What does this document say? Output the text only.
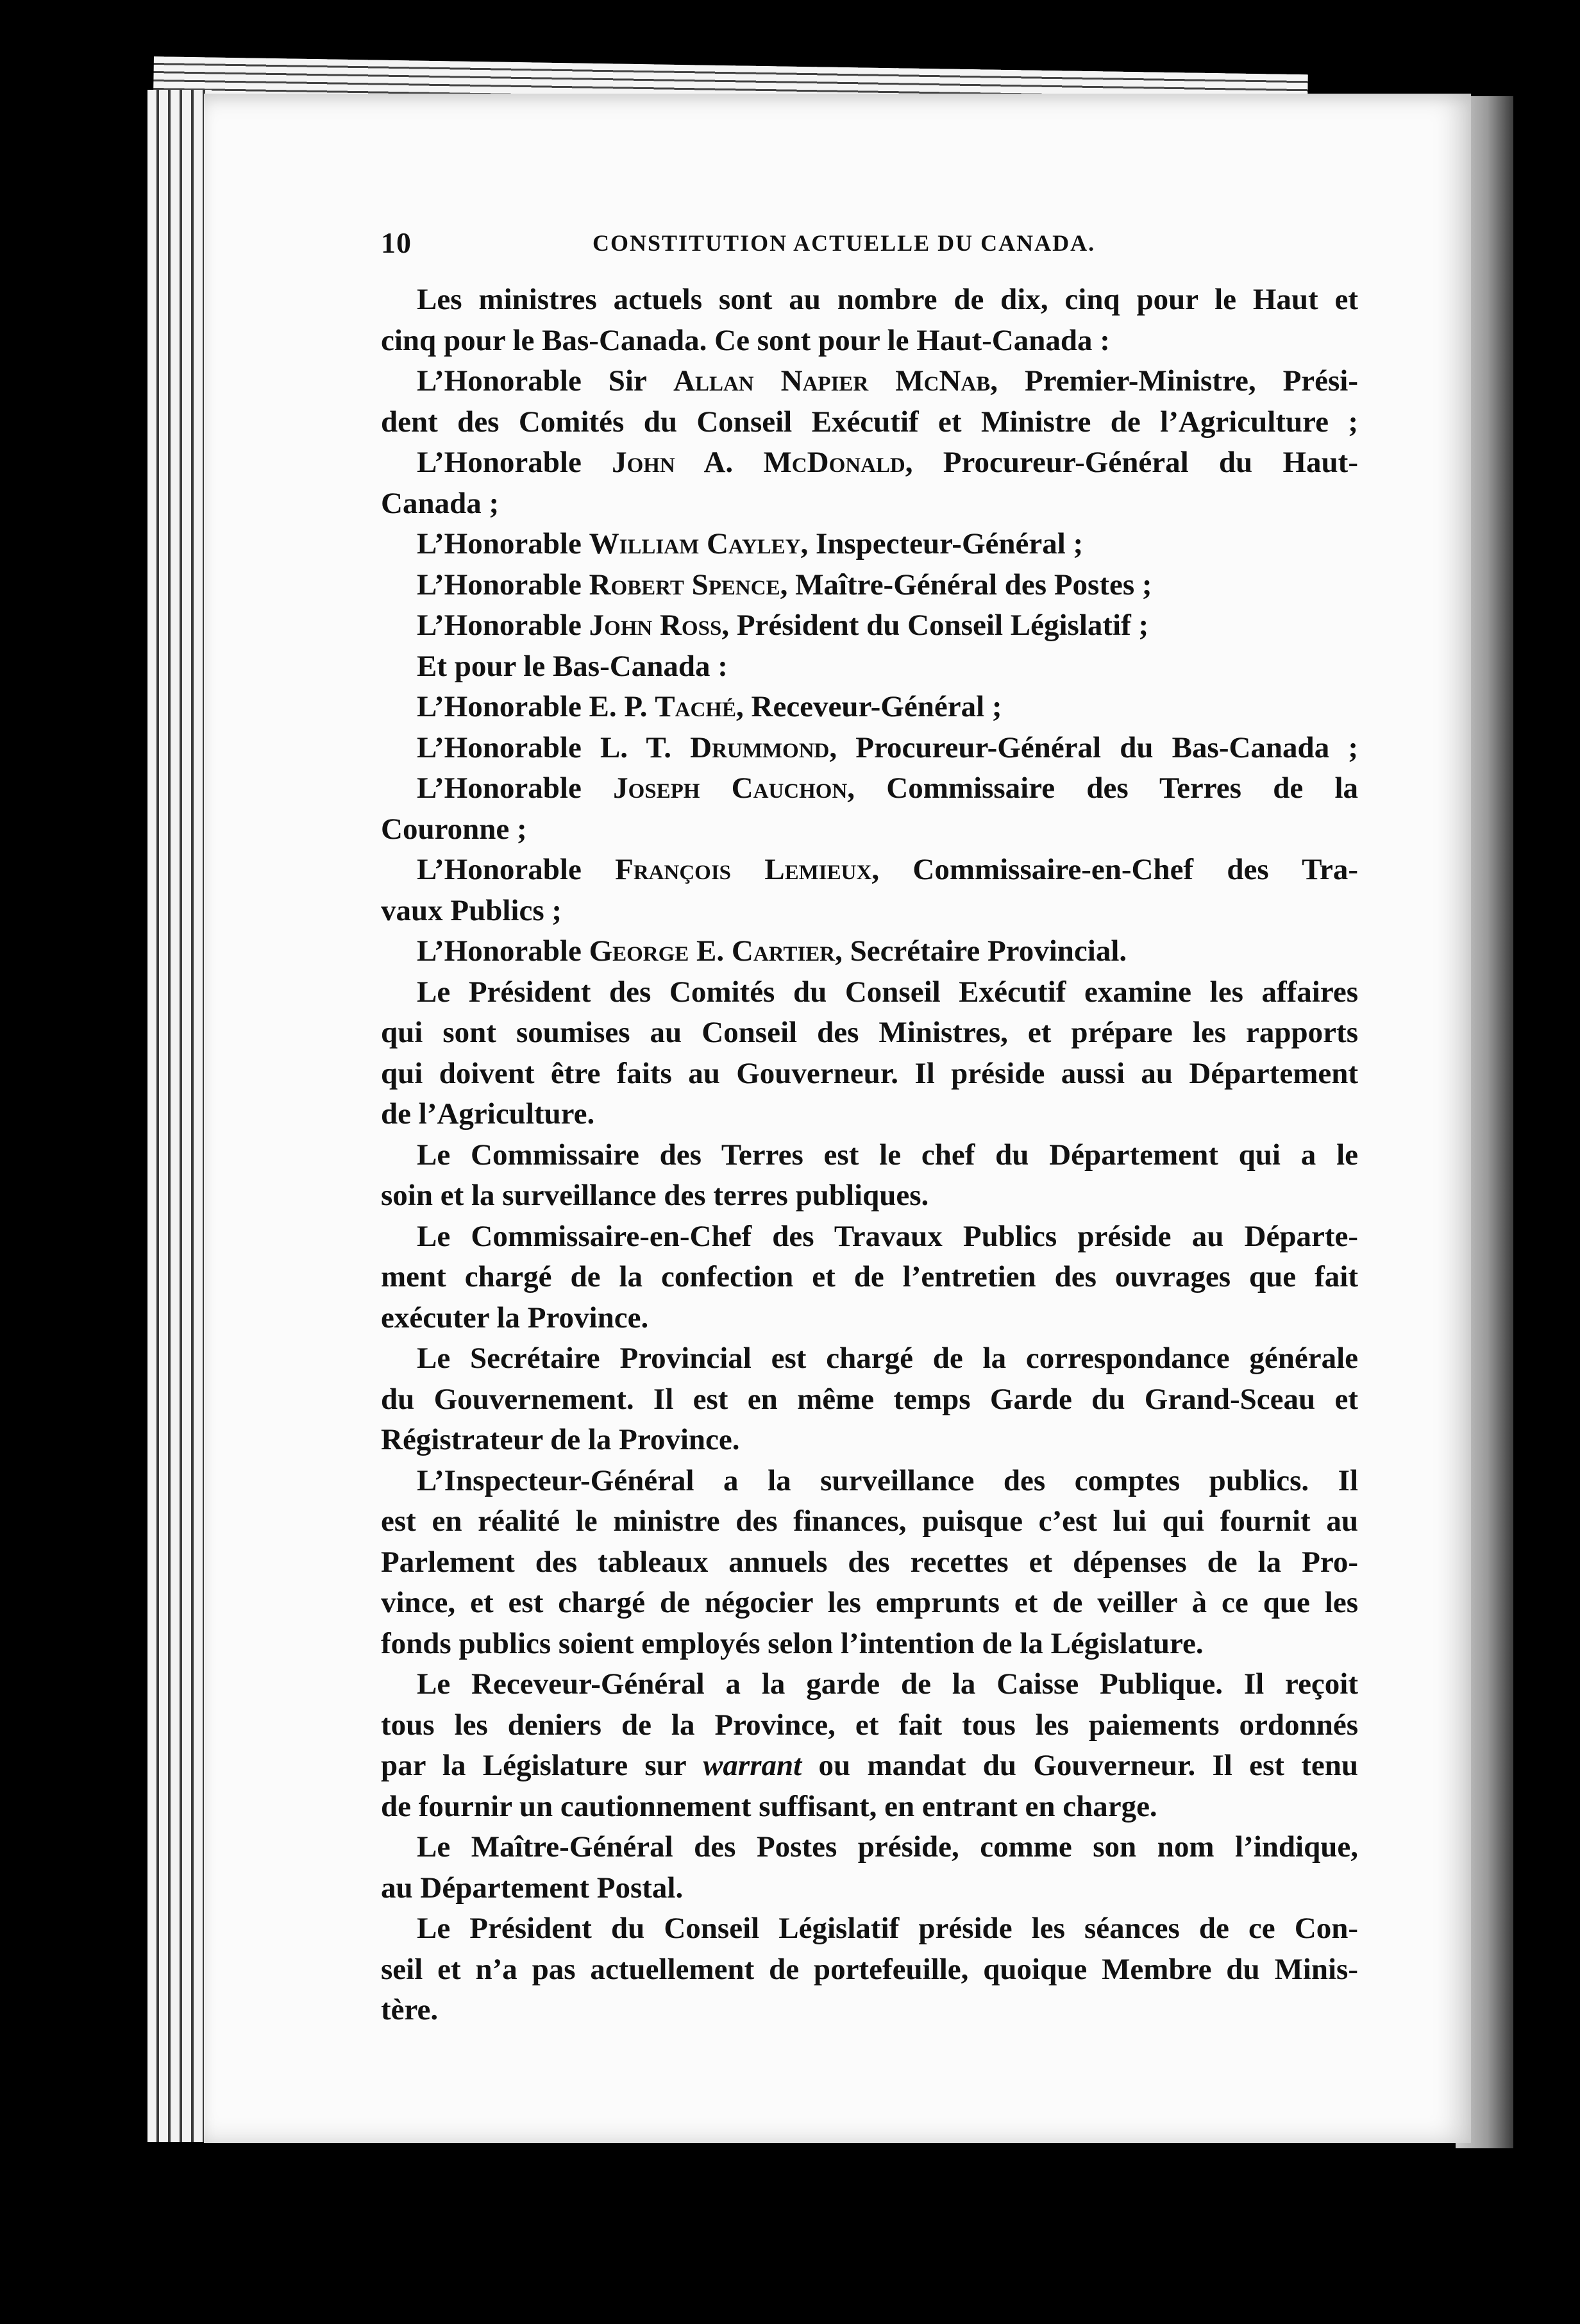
10	CONSTITUTION ACTUELLE DU CANADA.
Les ministres actuels sont au nombre de dix, cinq pour le Haut et
cinq pour le Bas-Canada. Ce sont pour le Haut-Canada :
L’Honorable Sir Allan Napier McNab, Premier-Ministre, Prési-
dent des Comités du Conseil Exécutif et Ministre de l’Agriculture ;
L’Honorable John A. McDonald, Procureur-Général du Haut-
Canada ;
L’Honorable William Cayley, Inspecteur-Général ;
L’Honorable Robert Spence, Maître-Général des Postes ;
L’Honorable John Ross, Président du Conseil Législatif ;
Et pour le Bas-Canada :
L’Honorable E. P. Taché, Receveur-Général ;
L’Honorable L. T. Drummond, Procureur-Général du Bas-Canada ;
L’Honorable Joseph Cauchon, Commissaire des Terres de la
Couronne ;
L’Honorable François Lemieux, Commissaire-en-Chef des Tra-
vaux Publics ;
L’Honorable George E. Cartier, Secrétaire Provincial.
Le Président des Comités du Conseil Exécutif examine les affaires
qui sont soumises au Conseil des Ministres, et prépare les rapports
qui doivent être faits au Gouverneur. Il préside aussi au Département
de l’Agriculture.
Le Commissaire des Terres est le chef du Département qui a le
soin et la surveillance des terres publiques.
Le Commissaire-en-Chef des Travaux Publics préside au Départe-
ment chargé de la confection et de l’entretien des ouvrages que fait
exécuter la Province.
Le Secrétaire Provincial est chargé de la correspondance générale
du Gouvernement. Il est en même temps Garde du Grand-Sceau et
Régistrateur de la Province.
L’Inspecteur-Général a la surveillance des comptes publics. Il
est en réalité le ministre des finances, puisque c’est lui qui fournit au
Parlement des tableaux annuels des recettes et dépenses de la Pro-
vince, et est chargé de négocier les emprunts et de veiller à ce que les
fonds publics soient employés selon l’intention de la Législature.
Le Receveur-Général a la garde de la Caisse Publique. Il reçoit
tous les deniers de la Province, et fait tous les paiements ordonnés
par la Législature sur warrant ou mandat du Gouverneur. Il est tenu
de fournir un cautionnement suffisant, en entrant en charge.
Le Maître-Général des Postes préside, comme son nom l’indique,
au Département Postal.
Le Président du Conseil Législatif préside les séances de ce Con-
seil et n’a pas actuellement de portefeuille, quoique Membre du Minis-
tère.
